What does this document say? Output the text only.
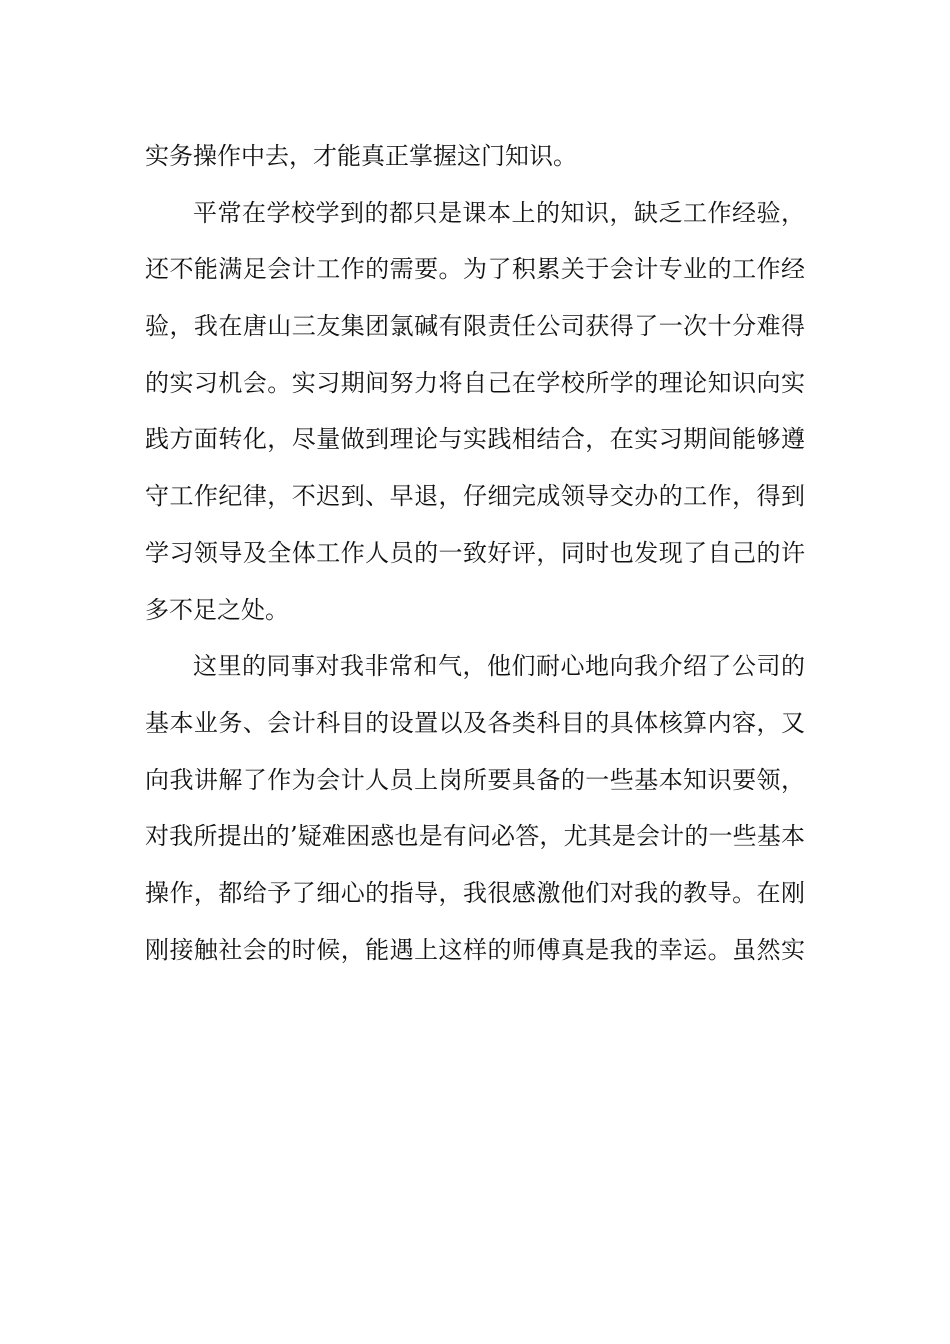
实务操作中去，才能真正掌握这门知识。
平常在学校学到的都只是课本上的知识，缺乏工作经验，
还不能满足会计工作的需要。为了积累关于会计专业的工作经
验，我在唐山三友集团氯碱有限责任公司获得了一次十分难得
的实习机会。实习期间努力将自己在学校所学的理论知识向实
践方面转化，尽量做到理论与实践相结合，在实习期间能够遵
守工作纪律，不迟到、早退，仔细完成领导交办的工作，得到
学习领导及全体工作人员的一致好评，同时也发现了自己的许
多不足之处。
这里的同事对我非常和气，他们耐心地向我介绍了公司的
基本业务、会计科目的设置以及各类科目的具体核算内容，又
向我讲解了作为会计人员上岗所要具备的一些基本知识要领，
对我所提出的’疑难困惑也是有问必答，尤其是会计的一些基本
操作，都给予了细心的指导，我很感激他们对我的教导。在刚
刚接触社会的时候，能遇上这样的师傅真是我的幸运。虽然实
